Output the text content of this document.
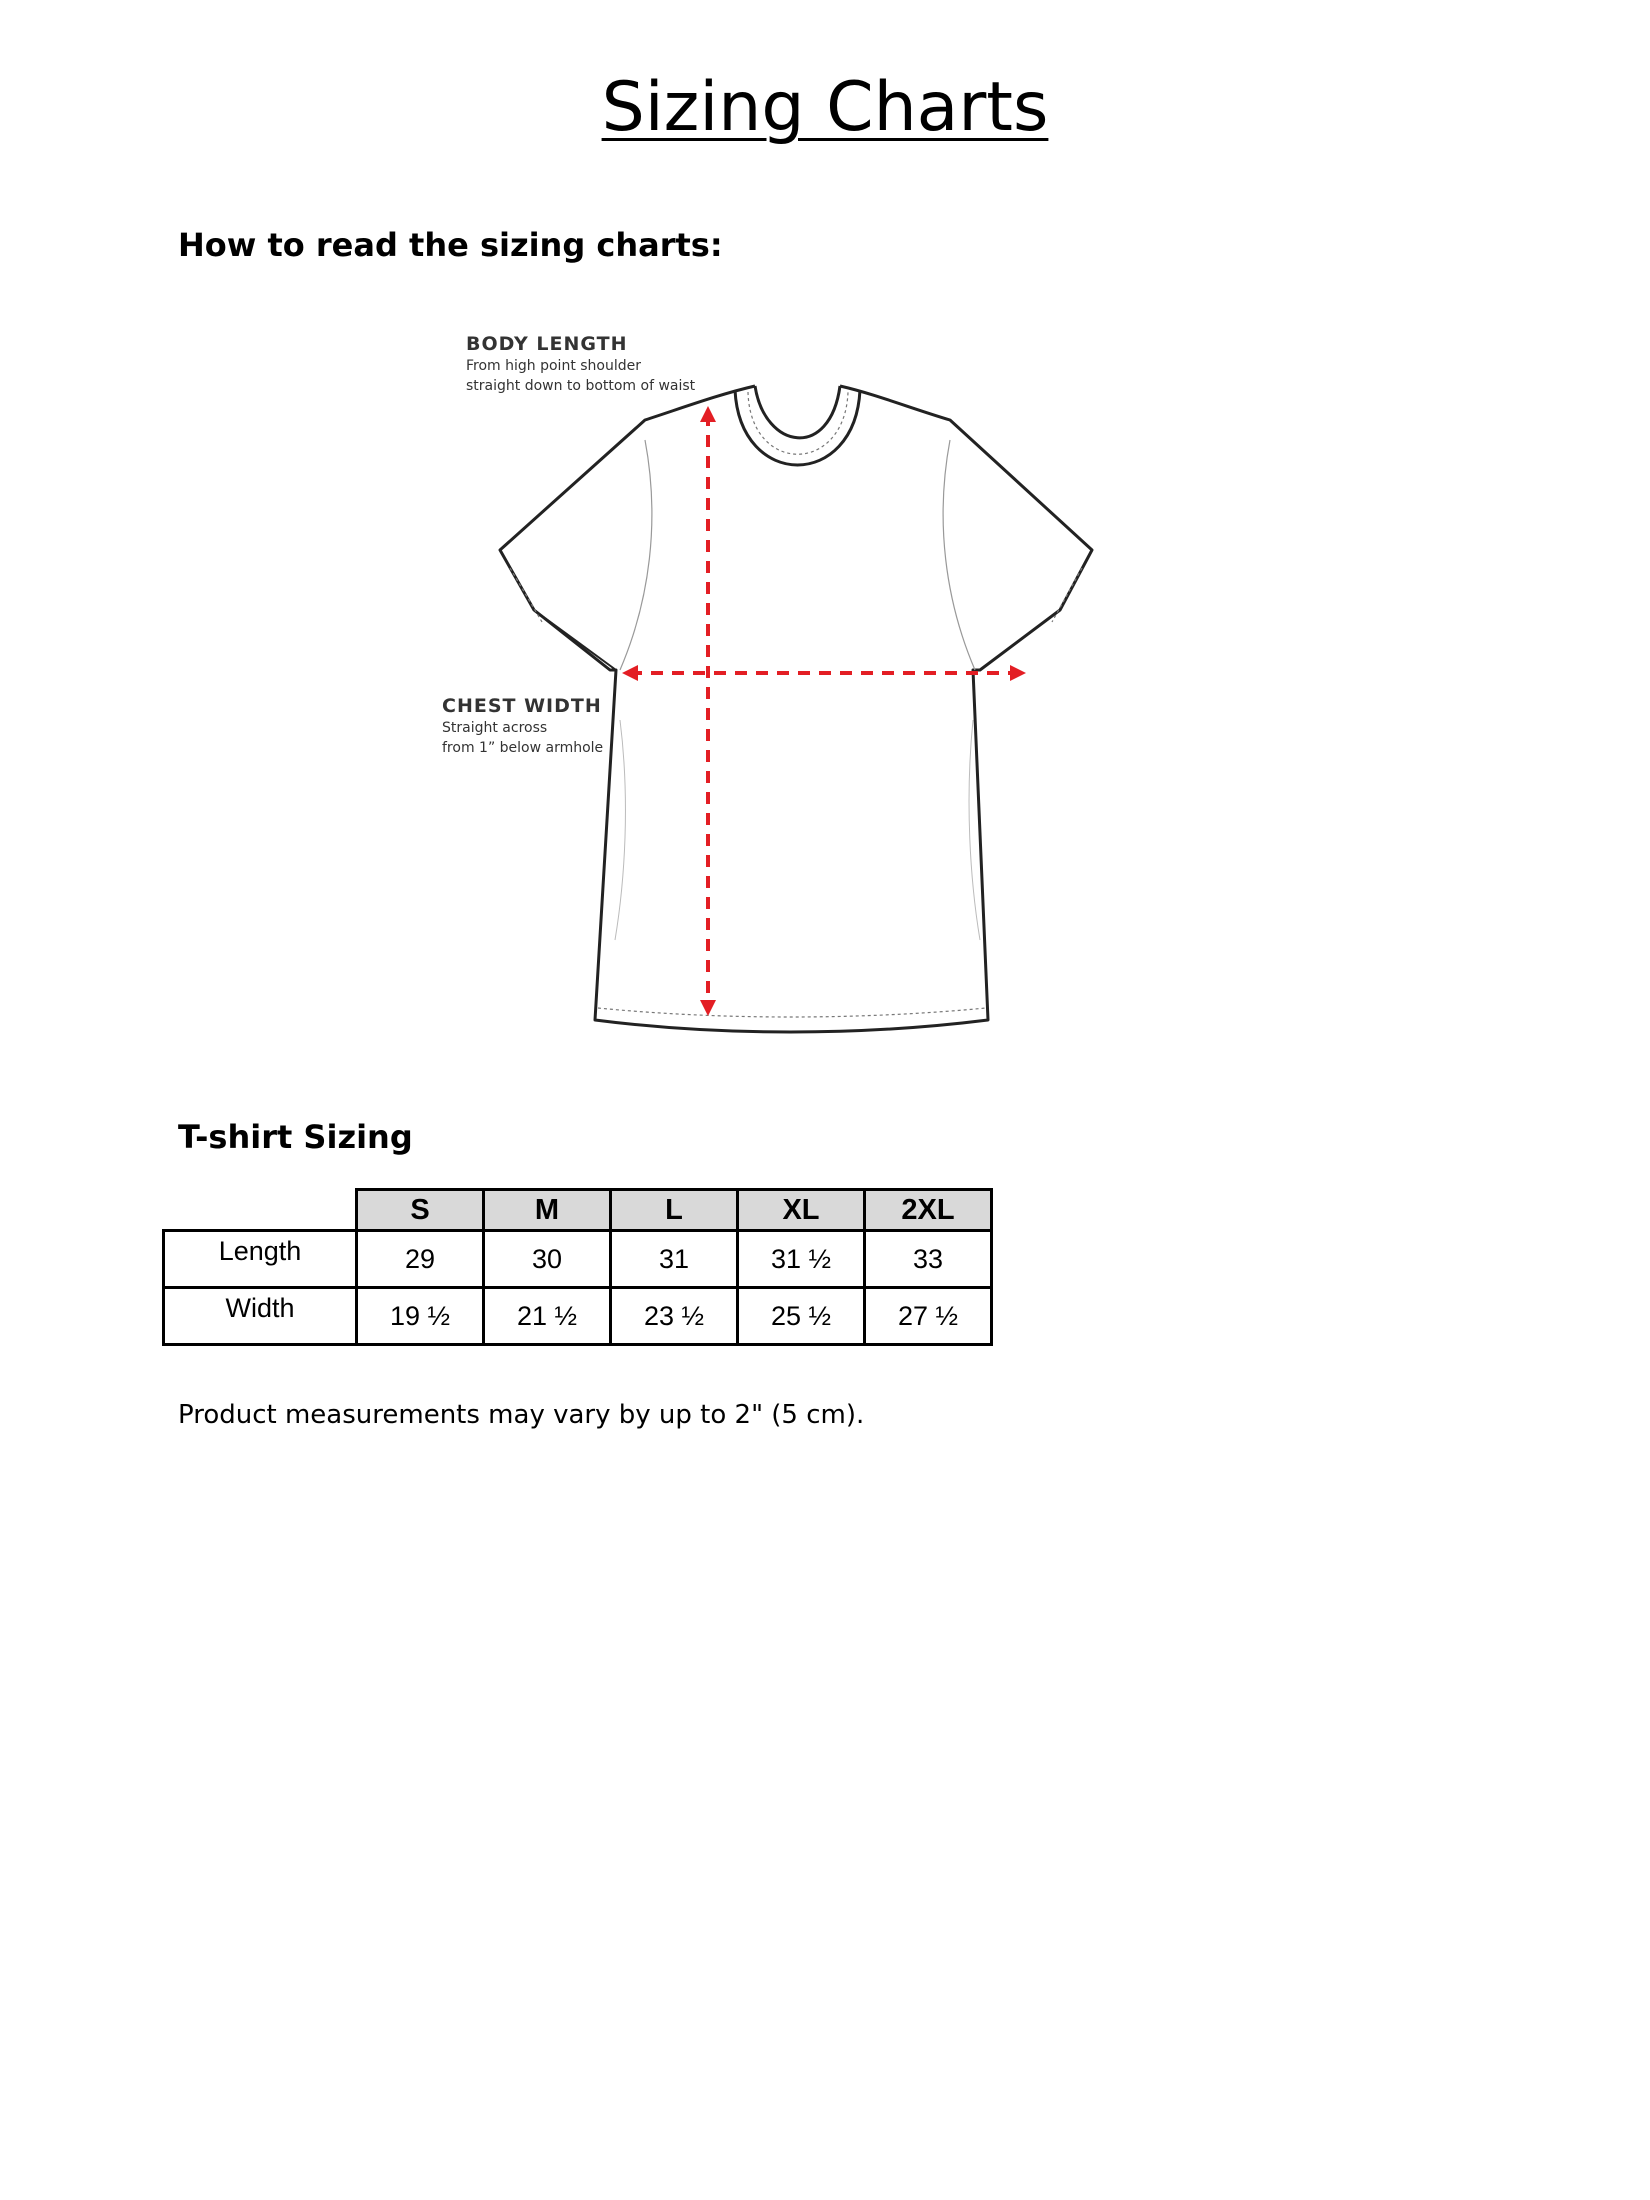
Sizing Charts
How to read the sizing charts:
BODY LENGTH
From high point shoulder
straight down to bottom of waist
CHEST WIDTH
Straight across
from 1” below armhole
T-shirt Sizing
	S	M	L	XL	2XL
Length	29	30	31	31 ½	33
Width	19 ½	21 ½	23 ½	25 ½	27 ½

Product measurements may vary by up to 2" (5 cm).
